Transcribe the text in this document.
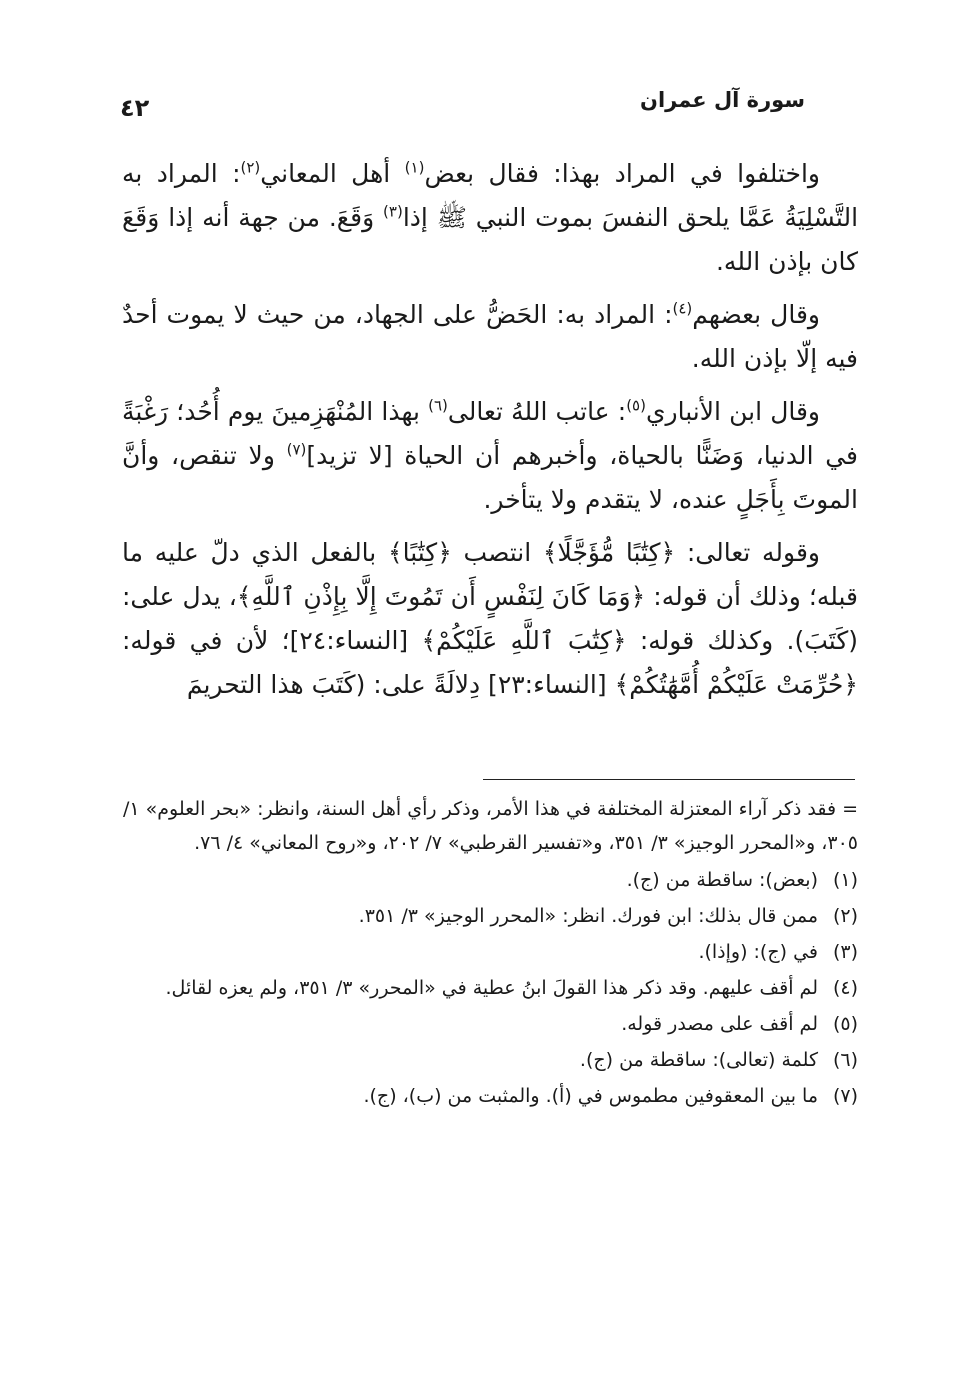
سورة آل عمران
٤٢

واختلفوا في المراد بهذا: فقال بعض$^{(١)}$ أهل المعاني$^{(٢)}$: المراد به التَّسْلِيَةُ عَمَّا يلحق النفسَ بموت النبي ﷺ إذا$^{(٣)}$ وَقَعَ. من جهة أنه إذا وَقَعَ كان بإذن الله.

وقال بعضهم$^{(٤)}$: المراد به: الحَضُّ على الجهاد، من حيث لا يموت أحدٌ فيه إلّا بإذن الله.

وقال ابن الأنباري$^{(٥)}$: عاتب اللهُ تعالى$^{(٦)}$ بهذا المُنْهَزِمينَ يوم أُحُد؛ رَغْبَةً في الدنيا، وَضَنًّا بالحياة، وأخبرهم أن الحياة [لا تزيد]$^{(٧)}$ ولا تنقص، وأنَّ الموتَ بِأَجَلٍ عنده، لا يتقدم ولا يتأخر.

وقوله تعالى: ﴿كِتَٰبًا مُّؤَجَّلًا﴾ انتصب ﴿كِتَٰبًا﴾ بالفعل الذي دلّ عليه ما قبله؛ وذلك أن قوله: ﴿وَمَا كَانَ لِنَفْسٍ أَن تَمُوتَ إِلَّا بِإِذْنِ ٱللَّهِ﴾، يدل على: (كَتَبَ). وكذلك قوله: ﴿كِتَٰبَ ٱللَّهِ عَلَيْكُمْ﴾ [النساء:٢٤]؛ لأن في قوله: ﴿حُرِّمَتْ عَلَيْكُمْ أُمَّهَٰتُكُمْ﴾ [النساء:٢٣] دِلالَةً على: (كَتَبَ هذا التحريمَ

= فقد ذكر آراء المعتزلة المختلفة في هذا الأمر، وذكر رأي أهل السنة، وانظر: «بحر العلوم» ١/ ٣٠٥، و«المحرر الوجيز» ٣/ ٣٥١، و«تفسير القرطبي» ٧/ ٢٠٢، و«روح المعاني» ٤/ ٧٦.
(١)
(بعض): ساقطة من (ج).
(٢)
ممن قال بذلك: ابن فورك. انظر: «المحرر الوجيز» ٣/ ٣٥١.
(٣)
في (ج): (وإذا).
(٤)
لم أقف عليهم. وقد ذكر هذا القولَ ابنُ عطية في «المحرر» ٣/ ٣٥١، ولم يعزه لقائل.
(٥)
لم أقف على مصدر قوله.
(٦)
كلمة (تعالى): ساقطة من (ج).
(٧)
ما بين المعقوفين مطموس في (أ). والمثبت من (ب)، (ج).
